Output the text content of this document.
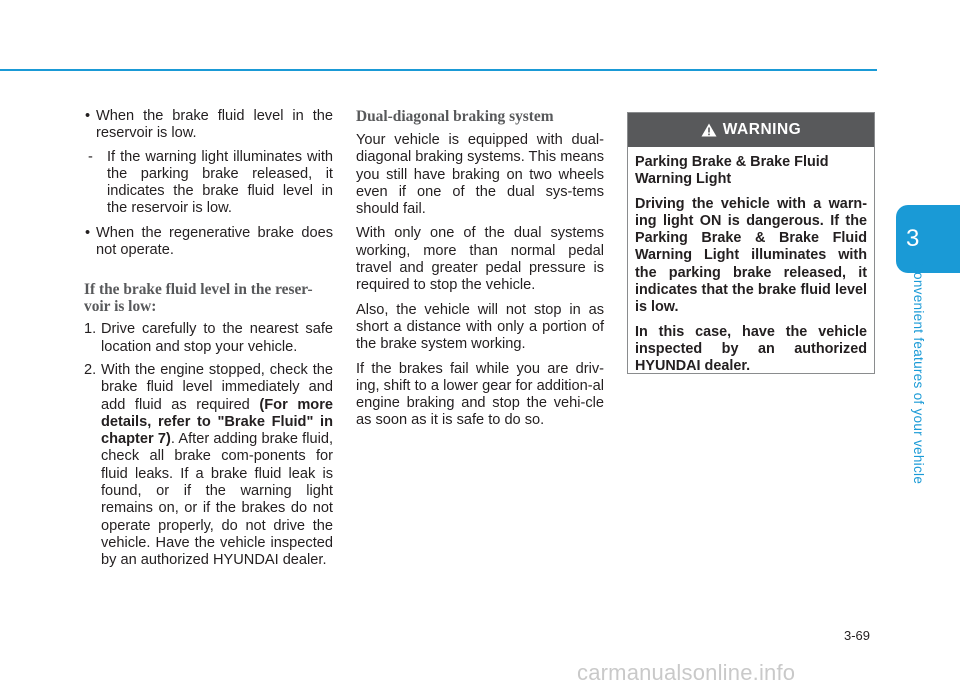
• When the brake fluid level in the reservoir is low.

- If the warning light illuminates with the parking brake released, it indicates the brake fluid level in the reservoir is low.

• When the regenerative brake does not operate.

If the brake fluid level in the reser-voir is low:

1. Drive carefully to the nearest safe location and stop your vehicle.

2. With the engine stopped, check the brake fluid level immediately and add fluid as required (For more details, refer to "Brake Fluid" in chapter 7). After adding brake fluid, check all brake com-ponents for fluid leaks. If a brake fluid leak is found, or if the warning light remains on, or if the brakes do not operate properly, do not drive the vehicle. Have the vehicle inspected by an authorized HYUNDAI dealer.

Dual-diagonal braking system

Your vehicle is equipped with dual-diagonal braking systems. This means you still have braking on two wheels even if one of the dual sys-tems should fail.

With only one of the dual systems working, more than normal pedal travel and greater pedal pressure is required to stop the vehicle.

Also, the vehicle will not stop in as short a distance with only a portion of the brake system working.

If the brakes fail while you are driv-ing, shift to a lower gear for addition-al engine braking and stop the vehi-cle as soon as it is safe to do so.

WARNING

Parking Brake & Brake Fluid Warning Light

Driving the vehicle with a warn-ing light ON is dangerous. If the Parking Brake & Brake Fluid Warning Light illuminates with the parking brake released, it indicates that the brake fluid level is low.

In this case, have the vehicle inspected by an authorized HYUNDAI dealer.

3
Convenient features of your vehicle
3-69
carmanualsonline.info
